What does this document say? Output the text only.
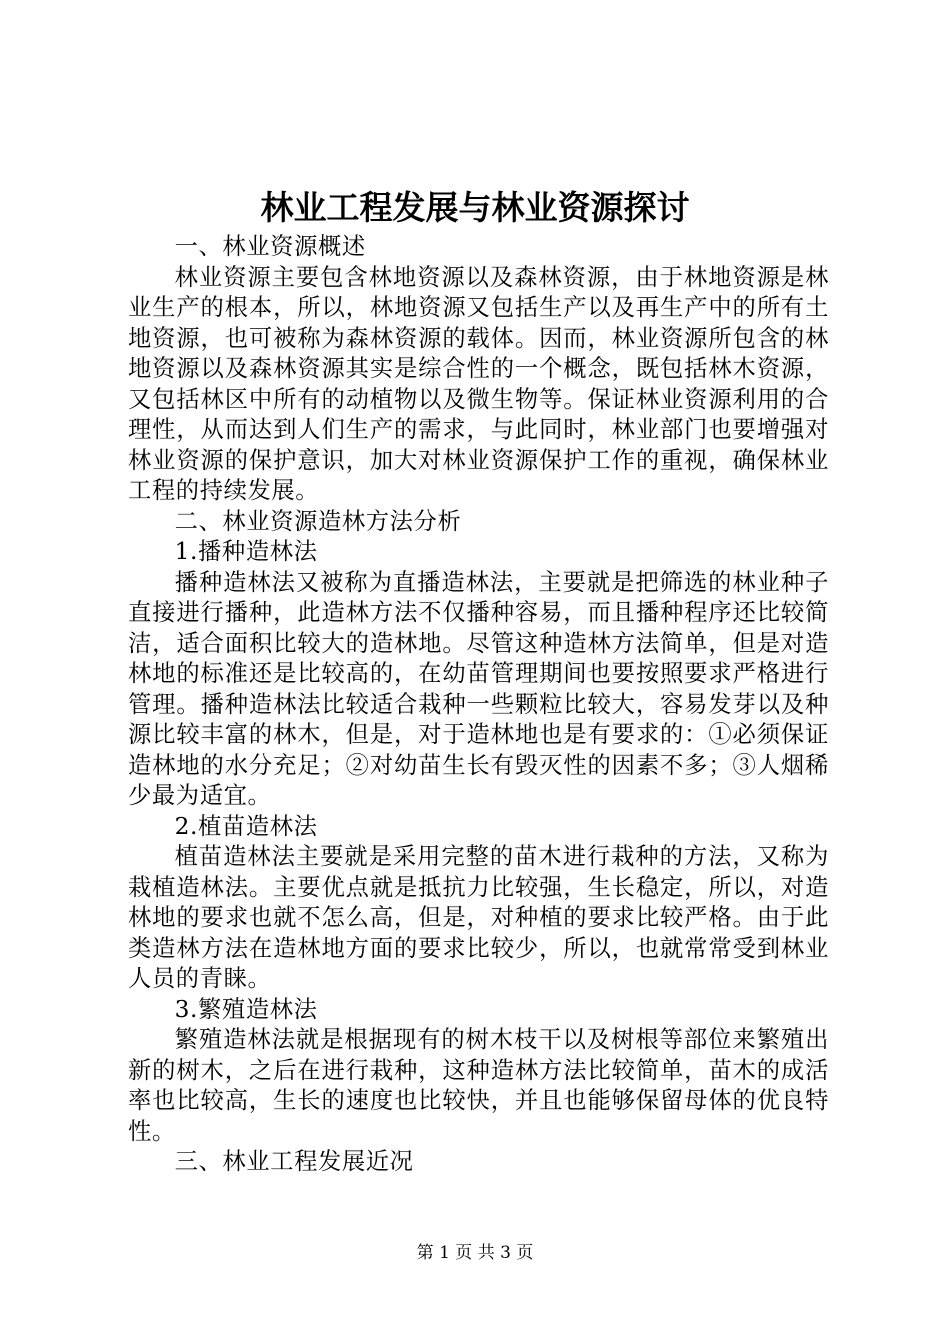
林业工程发展与林业资源探讨

一、林业资源概述

林业资源主要包含林地资源以及森林资源，由于林地资源是林业生产的根本，所以，林地资源又包括生产以及再生产中的所有土地资源，也可被称为森林资源的载体。因而，林业资源所包含的林地资源以及森林资源其实是综合性的一个概念，既包括林木资源，又包括林区中所有的动植物以及微生物等。保证林业资源利用的合理性，从而达到人们生产的需求，与此同时，林业部门也要增强对林业资源的保护意识，加大对林业资源保护工作的重视，确保林业工程的持续发展。

二、林业资源造林方法分析

1.播种造林法

播种造林法又被称为直播造林法，主要就是把筛选的林业种子直接进行播种，此造林方法不仅播种容易，而且播种程序还比较简洁，适合面积比较大的造林地。尽管这种造林方法简单，但是对造林地的标准还是比较高的，在幼苗管理期间也要按照要求严格进行管理。播种造林法比较适合栽种一些颗粒比较大，容易发芽以及种源比较丰富的林木，但是，对于造林地也是有要求的：①必须保证造林地的水分充足；②对幼苗生长有毁灭性的因素不多；③人烟稀少最为适宜。

2.植苗造林法

植苗造林法主要就是采用完整的苗木进行栽种的方法，又称为栽植造林法。主要优点就是抵抗力比较强，生长稳定，所以，对造林地的要求也就不怎么高，但是，对种植的要求比较严格。由于此类造林方法在造林地方面的要求比较少，所以，也就常常受到林业人员的青睐。

3.繁殖造林法

繁殖造林法就是根据现有的树木枝干以及树根等部位来繁殖出新的树木，之后在进行栽种，这种造林方法比较简单，苗木的成活率也比较高，生长的速度也比较快，并且也能够保留母体的优良特性。

三、林业工程发展近况

第 1 页 共 3 页
